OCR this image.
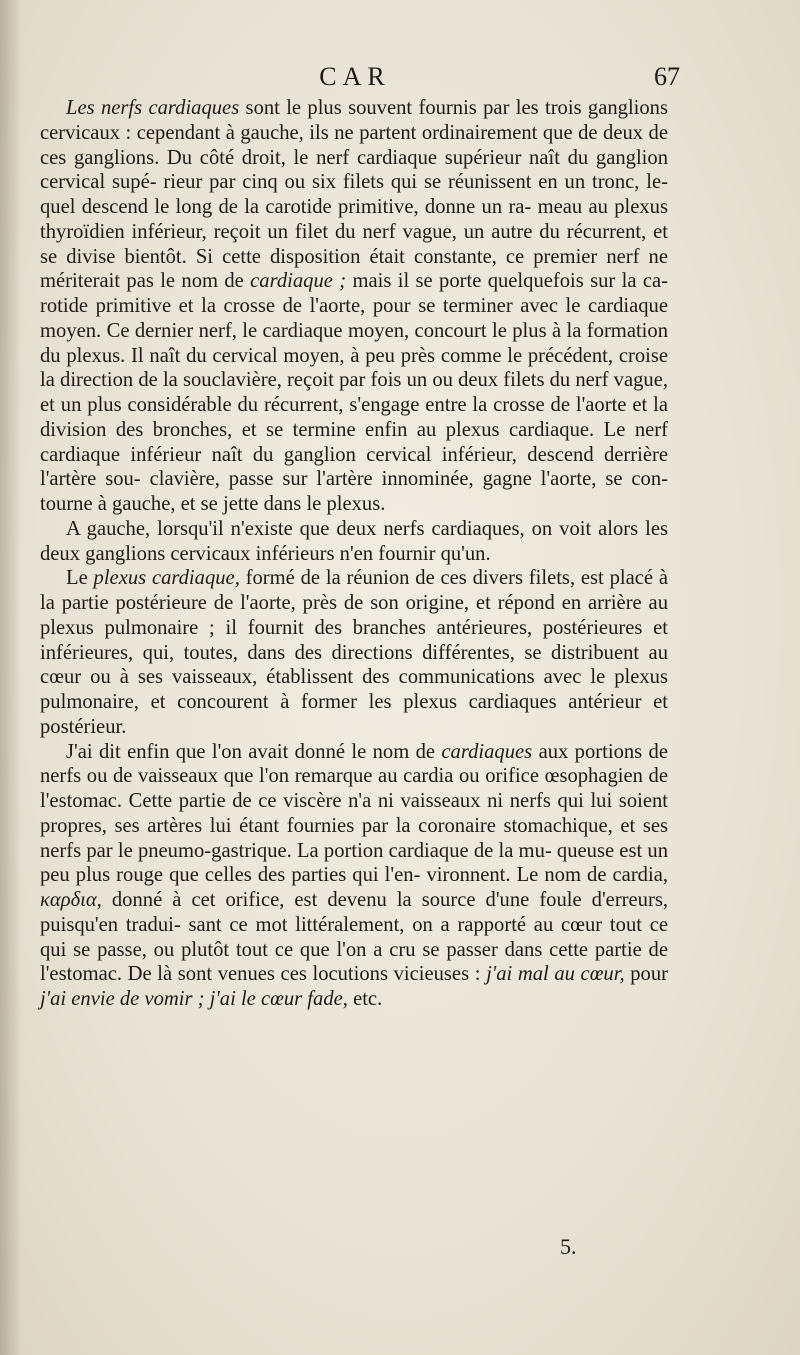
CAR	67

Les nerfs cardiaques sont le plus souvent fournis par les trois ganglions cervicaux : cependant à gauche, ils ne partent ordinairement que de deux de ces ganglions. Du côté droit, le nerf cardiaque supérieur naît du ganglion cervical supé- rieur par cinq ou six filets qui se réunissent en un tronc, le- quel descend le long de la carotide primitive, donne un ra- meau au plexus thyroïdien inférieur, reçoit un filet du nerf vague, un autre du récurrent, et se divise bientôt. Si cette disposition était constante, ce premier nerf ne mériterait pas le nom de cardiaque ; mais il se porte quelquefois sur la ca- rotide primitive et la crosse de l'aorte, pour se terminer avec le cardiaque moyen. Ce dernier nerf, le cardiaque moyen, concourt le plus à la formation du plexus. Il naît du cervical moyen, à peu près comme le précédent, croise la direction de la souclavière, reçoit par fois un ou deux filets du nerf vague, et un plus considérable du récurrent, s'engage entre la crosse de l'aorte et la division des bronches, et se termine enfin au plexus cardiaque. Le nerf cardiaque inférieur naît du ganglion cervical inférieur, descend derrière l'artère sou- clavière, passe sur l'artère innominée, gagne l'aorte, se con- tourne à gauche, et se jette dans le plexus.

A gauche, lorsqu'il n'existe que deux nerfs cardiaques, on voit alors les deux ganglions cervicaux inférieurs n'en fournir qu'un.

Le plexus cardiaque, formé de la réunion de ces divers filets, est placé à la partie postérieure de l'aorte, près de son origine, et répond en arrière au plexus pulmonaire ; il fournit des branches antérieures, postérieures et inférieures, qui, toutes, dans des directions différentes, se distribuent au cœur ou à ses vaisseaux, établissent des communications avec le plexus pulmonaire, et concourent à former les plexus cardiaques antérieur et postérieur.

J'ai dit enfin que l'on avait donné le nom de cardiaques aux portions de nerfs ou de vaisseaux que l'on remarque au cardia ou orifice œsophagien de l'estomac. Cette partie de ce viscère n'a ni vaisseaux ni nerfs qui lui soient propres, ses artères lui étant fournies par la coronaire stomachique, et ses nerfs par le pneumo-gastrique. La portion cardiaque de la mu- queuse est un peu plus rouge que celles des parties qui l'en- vironnent. Le nom de cardia, καρδια, donné à cet orifice, est devenu la source d'une foule d'erreurs, puisqu'en tradui- sant ce mot littéralement, on a rapporté au cœur tout ce qui se passe, ou plutôt tout ce que l'on a cru se passer dans cette partie de l'estomac. De là sont venues ces locutions vicieuses : j'ai mal au cœur, pour j'ai envie de vomir ; j'ai le cœur fade, etc.

5.
